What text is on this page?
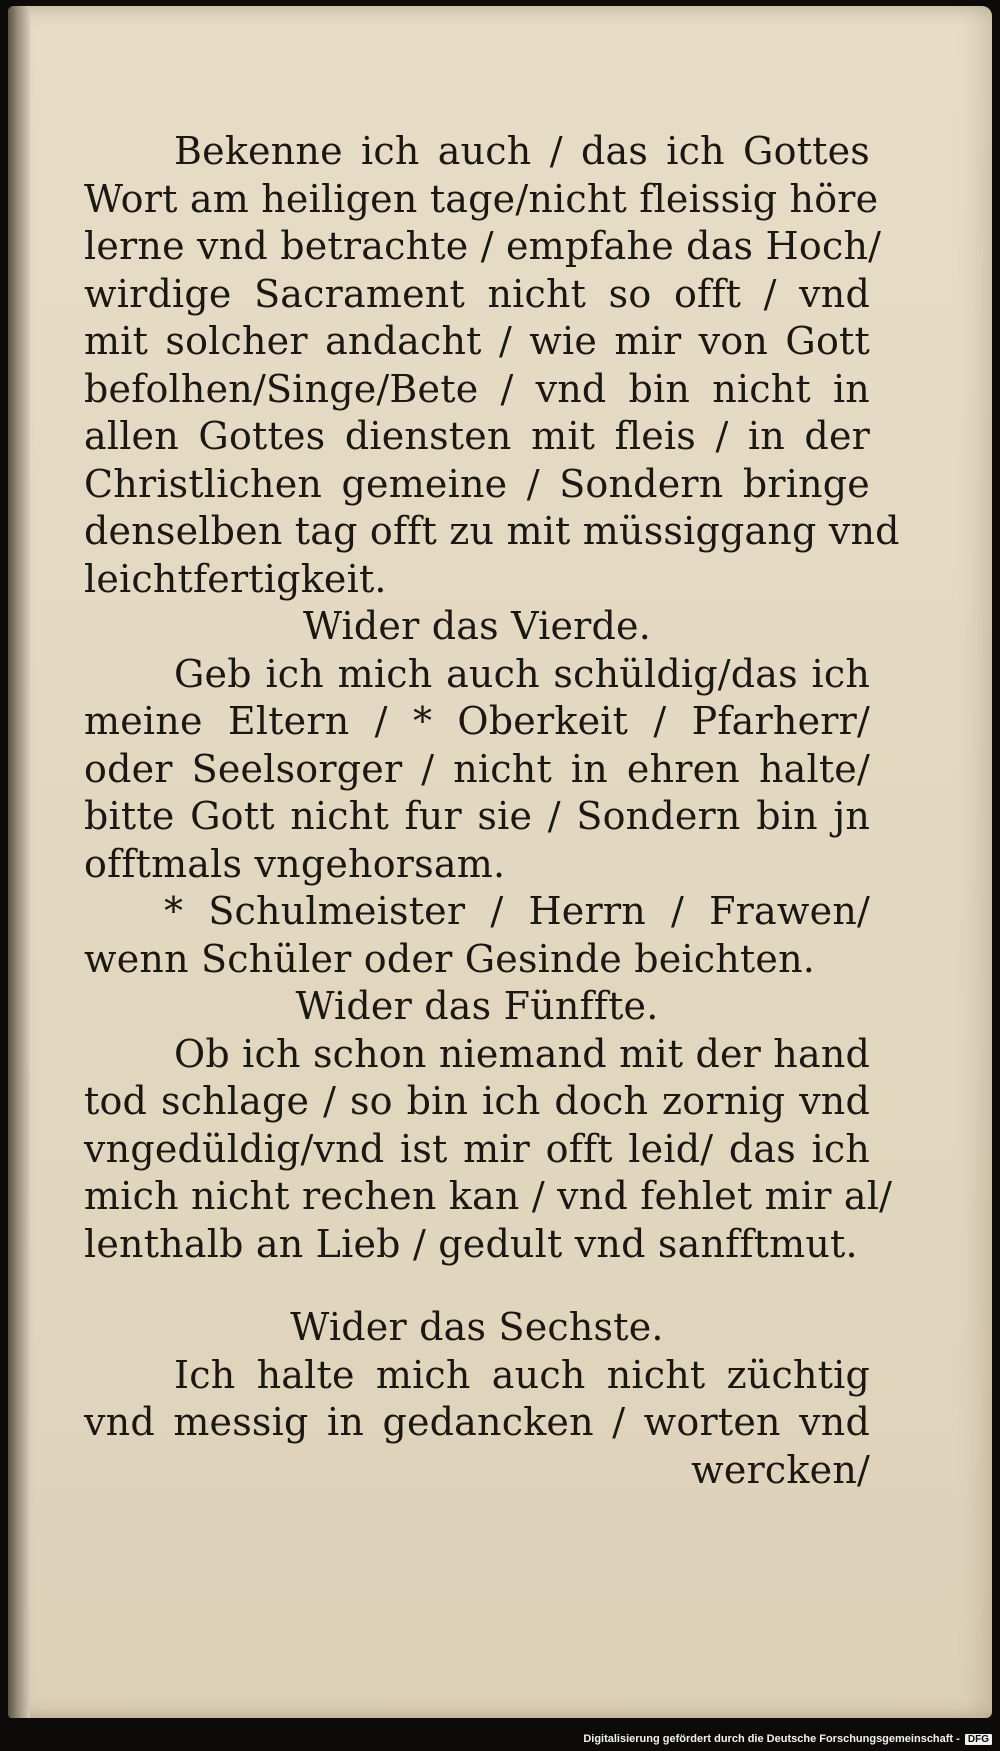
Bekenne ich auch / das ich Gottes
Wort am heiligen tage/nicht fleissig höre
lerne vnd betrachte / empfahe das Hoch/
wirdige Sacrament nicht so offt / vnd
mit solcher andacht / wie mir von Gott
befolhen/Singe/Bete / vnd bin nicht in
allen Gottes diensten mit fleis / in der
Christlichen gemeine / Sondern bringe
denselben tag offt zu mit müssiggang vnd
leichtfertigkeit.
Wider das Vierde.
Geb ich mich auch schüldig/das ich
meine Eltern / * Oberkeit / Pfarherr/
oder Seelsorger / nicht in ehren halte/
bitte Gott nicht fur sie / Sondern bin jn
offtmals vngehorsam.
* Schulmeister / Herrn / Frawen/
wenn Schüler oder Gesinde beichten.
Wider das Fünffte.
Ob ich schon niemand mit der hand
tod schlage / so bin ich doch zornig vnd
vngedüldig/vnd ist mir offt leid/ das ich
mich nicht rechen kan / vnd fehlet mir al/
lenthalb an Lieb / gedult vnd sanfftmut.
Wider das Sechste.
Ich halte mich auch nicht züchtig
vnd messig in gedancken / worten vnd
wercken/
Digitalisierung gefördert durch die Deutsche Forschungsgemeinschaft - DFG
